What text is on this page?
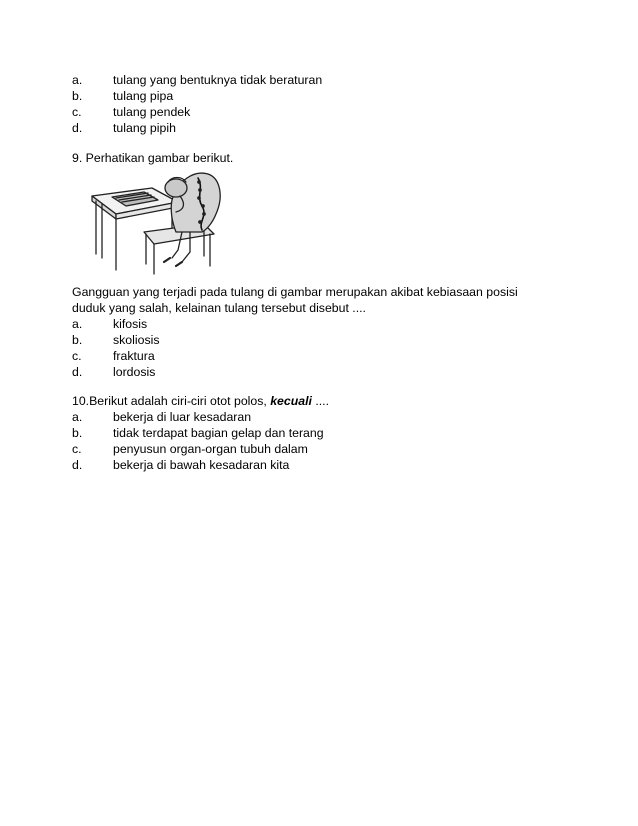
a. tulang yang bentuknya tidak beraturan
b. tulang pipa
c.	tulang pendek
d. tulang pipih
9. Perhatikan gambar berikut.
Gangguan yang terjadi pada tulang di gambar merupakan akibat kebiasaan posisi
duduk yang salah, kelainan tulang tersebut disebut ....
a. kifosis
b. skoliosis
c.	fraktura
d. lordosis
10.Berikut adalah ciri-ciri otot polos, kecuali ....
a. bekerja di luar kesadaran
b. tidak terdapat bagian gelap dan terang
c.	penyusun organ-organ tubuh dalam
d. bekerja di bawah kesadaran kita
